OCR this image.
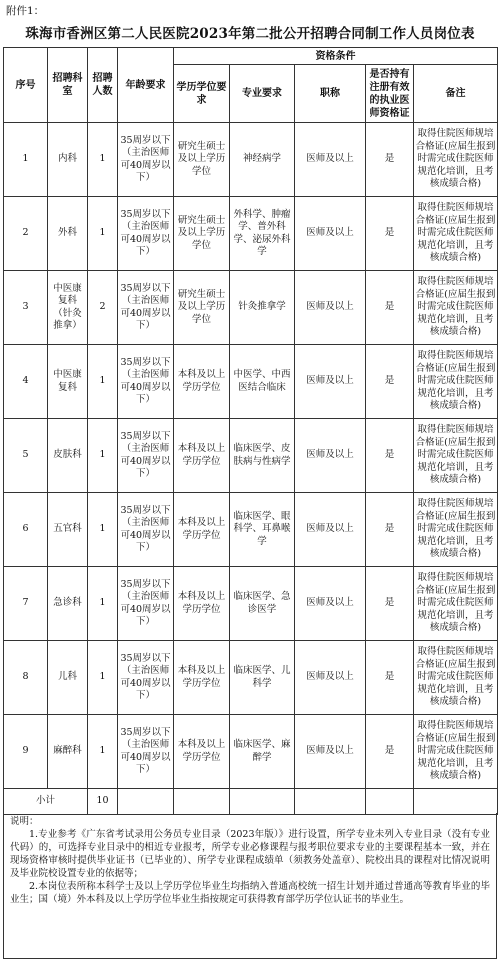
附件1：
珠海市香洲区第二人民医院2023年第二批公开招聘合同制工作人员岗位表
序号	招聘科室	招聘人数	年龄要求	资格条件				
				学历学位要求	专业要求	职称	是否持有注册有效的执业医师资格证	备注
1	内科	1	35周岁以下（主治医师可40周岁以下）	研究生硕士及以上学历学位	神经病学	医师及以上	是	取得住院医师规培合格证(应届生报到时需完成住院医师规范化培训，且考核成绩合格)
2	外科	1	35周岁以下（主治医师可40周岁以下）	研究生硕士及以上学历学位	外科学、肿瘤学、普外科学、泌尿外科学	医师及以上	是	取得住院医师规培合格证(应届生报到时需完成住院医师规范化培训，且考核成绩合格)
3	中医康复科（针灸推拿）	2	35周岁以下（主治医师可40周岁以下）	研究生硕士及以上学历学位	针灸推拿学	医师及以上	是	取得住院医师规培合格证(应届生报到时需完成住院医师规范化培训，且考核成绩合格)
4	中医康复科	1	35周岁以下（主治医师可40周岁以下）	本科及以上学历学位	中医学、中西医结合临床	医师及以上	是	取得住院医师规培合格证(应届生报到时需完成住院医师规范化培训，且考核成绩合格)
5	皮肤科	1	35周岁以下（主治医师可40周岁以下）	本科及以上学历学位	临床医学、皮肤病与性病学	医师及以上	是	取得住院医师规培合格证(应届生报到时需完成住院医师规范化培训，且考核成绩合格)
6	五官科	1	35周岁以下（主治医师可40周岁以下）	本科及以上学历学位	临床医学、眼科学、耳鼻喉学	医师及以上	是	取得住院医师规培合格证(应届生报到时需完成住院医师规范化培训，且考核成绩合格)
7	急诊科	1	35周岁以下（主治医师可40周岁以下）	本科及以上学历学位	临床医学、急诊医学	医师及以上	是	取得住院医师规培合格证(应届生报到时需完成住院医师规范化培训，且考核成绩合格)
8	儿科	1	35周岁以下（主治医师可40周岁以下）	本科及以上学历学位	临床医学、儿科学	医师及以上	是	取得住院医师规培合格证(应届生报到时需完成住院医师规范化培训，且考核成绩合格)
9	麻醉科	1	35周岁以下（主治医师可40周岁以下）	本科及以上学历学位	临床医学、麻醉学	医师及以上	是	取得住院医师规培合格证(应届生报到时需完成住院医师规范化培训，且考核成绩合格)
小计		10						

说明：

1.专业参考《广东省考试录用公务员专业目录（2023年版）》进行设置，所学专业未列入专业目录（没有专业代码）的，可选择专业目录中的相近专业报考，所学专业必修课程与报考职位要求专业的主要课程基本一致，并在现场资格审核时提供毕业证书（已毕业的）、所学专业课程成绩单（须教务处盖章）、院校出具的课程对比情况说明及毕业院校设置专业的依据等；

2.本岗位表所称本科学士及以上学历学位毕业生均指纳入普通高校统一招生计划并通过普通高等教育毕业的毕业生；国（境）外本科及以上学历学位毕业生指按规定可获得教育部学历学位认证书的毕业生。
